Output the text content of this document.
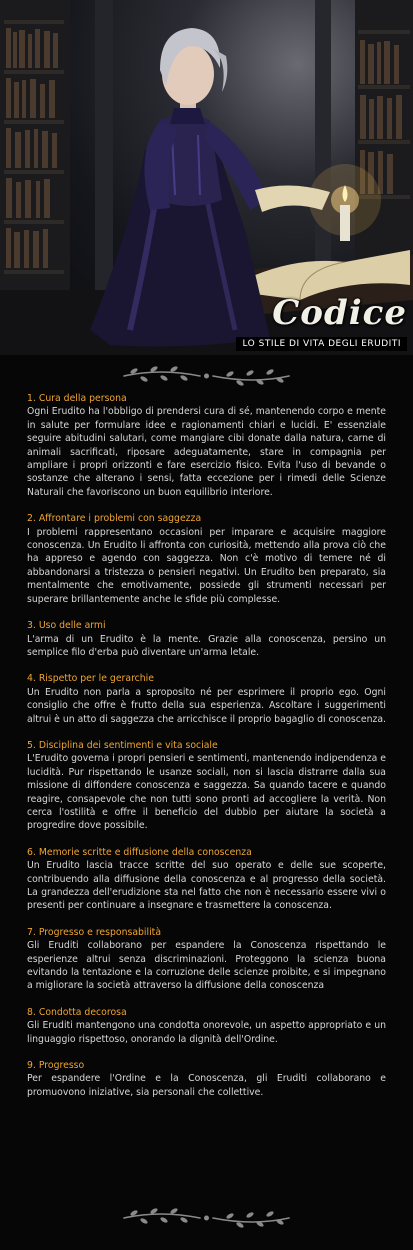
Codice
LO STILE DI VITA DEGLI ERUDITI
1. Cura della persona

Ogni Erudito ha l'obbligo di prendersi cura di sé, mantenendo corpo e mente in salute per formulare idee e ragionamenti chiari e lucidi. E' essenziale seguire abitudini salutari, come mangiare cibi donate dalla natura, carne di animali sacrificati, riposare adeguatamente, stare in compagnia per ampliare i propri orizzonti e fare esercizio fisico. Evita l'uso di bevande o sostanze che alterano i sensi, fatta eccezione per i rimedi delle Scienze Naturali che favoriscono un buon equilibrio interiore.

2. Affrontare i problemi con saggezza

I problemi rappresentano occasioni per imparare e acquisire maggiore conoscenza. Un Erudito li affronta con curiosità, mettendo alla prova ciò che ha appreso e agendo con saggezza. Non c'è motivo di temere né di abbandonarsi a tristezza o pensieri negativi. Un Erudito ben preparato, sia mentalmente che emotivamente, possiede gli strumenti necessari per superare brillantemente anche le sfide più complesse.

3. Uso delle armi

L'arma di un Erudito è la mente. Grazie alla conoscenza, persino un semplice filo d'erba può diventare un'arma letale.

4. Rispetto per le gerarchie

Un Erudito non parla a sproposito né per esprimere il proprio ego. Ogni consiglio che offre è frutto della sua esperienza. Ascoltare i suggerimenti altrui è un atto di saggezza che arricchisce il proprio bagaglio di conoscenza.

5. Disciplina dei sentimenti e vita sociale

L'Erudito governa i propri pensieri e sentimenti, mantenendo indipendenza e lucidità. Pur rispettando le usanze sociali, non si lascia distrarre dalla sua missione di diffondere conoscenza e saggezza. Sa quando tacere e quando reagire, consapevole che non tutti sono pronti ad accogliere la verità. Non cerca l'ostilità e offre il beneficio del dubbio per aiutare la società a progredire dove possibile.

6. Memorie scritte e diffusione della conoscenza

Un Erudito lascia tracce scritte del suo operato e delle sue scoperte, contribuendo alla diffusione della conoscenza e al progresso della società. La grandezza dell'erudizione sta nel fatto che non è necessario essere vivi o presenti per continuare a insegnare e trasmettere la conoscenza.

7. Progresso e responsabilità

Gli Eruditi collaborano per espandere la Conoscenza rispettando le esperienze altrui senza discriminazioni. Proteggono la scienza buona evitando la tentazione e la corruzione delle scienze proibite, e si impegnano a migliorare la società attraverso la diffusione della conoscenza

8. Condotta decorosa

Gli Eruditi mantengono una condotta onorevole, un aspetto appropriato e un linguaggio rispettoso, onorando la dignità dell'Ordine.

9. Progresso

Per espandere l'Ordine e la Conoscenza, gli Eruditi collaborano e promuovono iniziative, sia personali che collettive.
